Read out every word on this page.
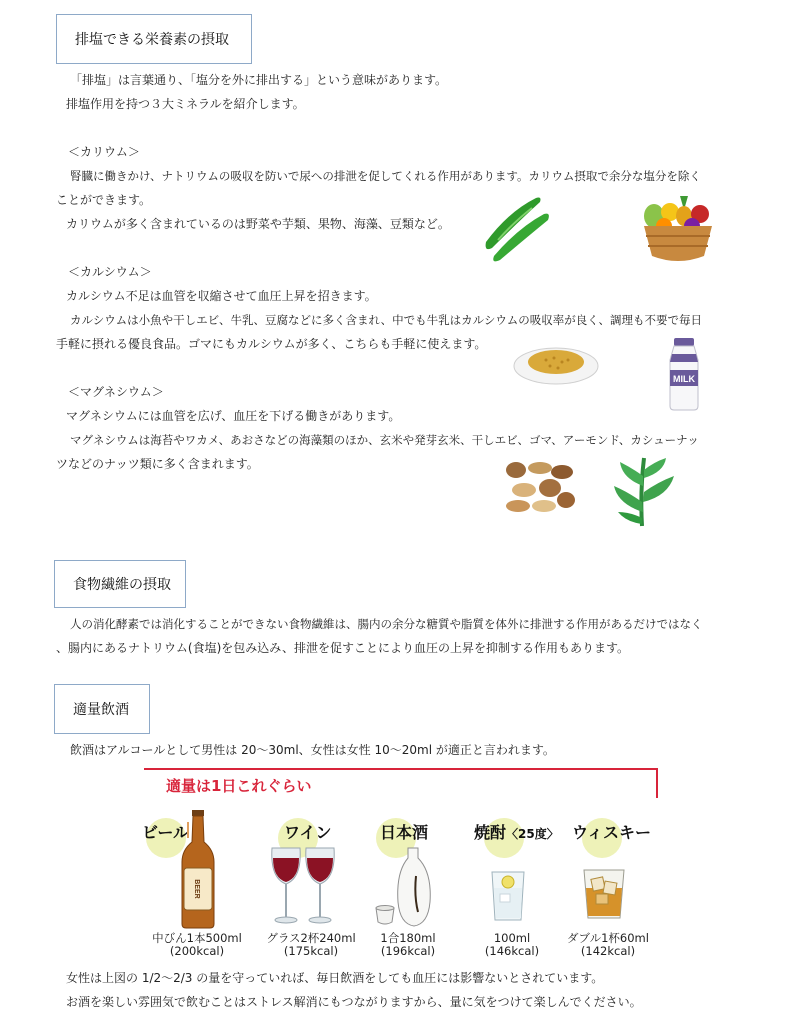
排塩できる栄養素の摂取
「排塩」は言葉通り、「塩分を外に排出する」という意味があります。
排塩作用を持つ３大ミネラルを紹介します。
＜カリウム＞
腎臓に働きかけ、ナトリウムの吸収を防いで尿への排泄を促してくれる作用があります。カリウム摂取で余分な塩分を除く
ことができます。
カリウムが多く含まれているのは野菜や芋類、果物、海藻、豆類など。
＜カルシウム＞
カルシウム不足は血管を収縮させて血圧上昇を招きます。
カルシウムは小魚や干しエビ、牛乳、豆腐などに多く含まれ、中でも牛乳はカルシウムの吸収率が良く、調理も不要で毎日
手軽に摂れる優良食品。ゴマにもカルシウムが多く、こちらも手軽に使えます。
MILK
＜マグネシウム＞
マグネシウムには血管を広げ、血圧を下げる働きがあります。
マグネシウムは海苔やワカメ、あおさなどの海藻類のほか、玄米や発芽玄米、干しエビ、ゴマ、アーモンド、カシューナッ
ツなどのナッツ類に多く含まれます。
食物繊維の摂取
人の消化酵素では消化することができない食物繊維は、腸内の余分な糖質や脂質を体外に排泄する作用があるだけではなく
、腸内にあるナトリウム(食塩)を包み込み、排泄を促すことにより血圧の上昇を抑制する作用もあります。
適量飲酒
飲酒はアルコールとして男性は 20～30ml、女性は女性 10～20ml が適正と言われます。
適量は1日これぐらい
ビール	ワイン	日本酒	焼酎〈25度〉 ウィスキー
BEER
中びん1本500ml
(200kcal)
グラス2杯240ml
(175kcal)
1合180ml
(196kcal)
100ml
(146kcal)
ダブル1杯60ml
(142kcal)
女性は上図の 1/2～2/3 の量を守っていれば、毎日飲酒をしても血圧には影響ないとされています。
お酒を楽しい雰囲気で飲むことはストレス解消にもつながりますから、量に気をつけて楽しんでください。
